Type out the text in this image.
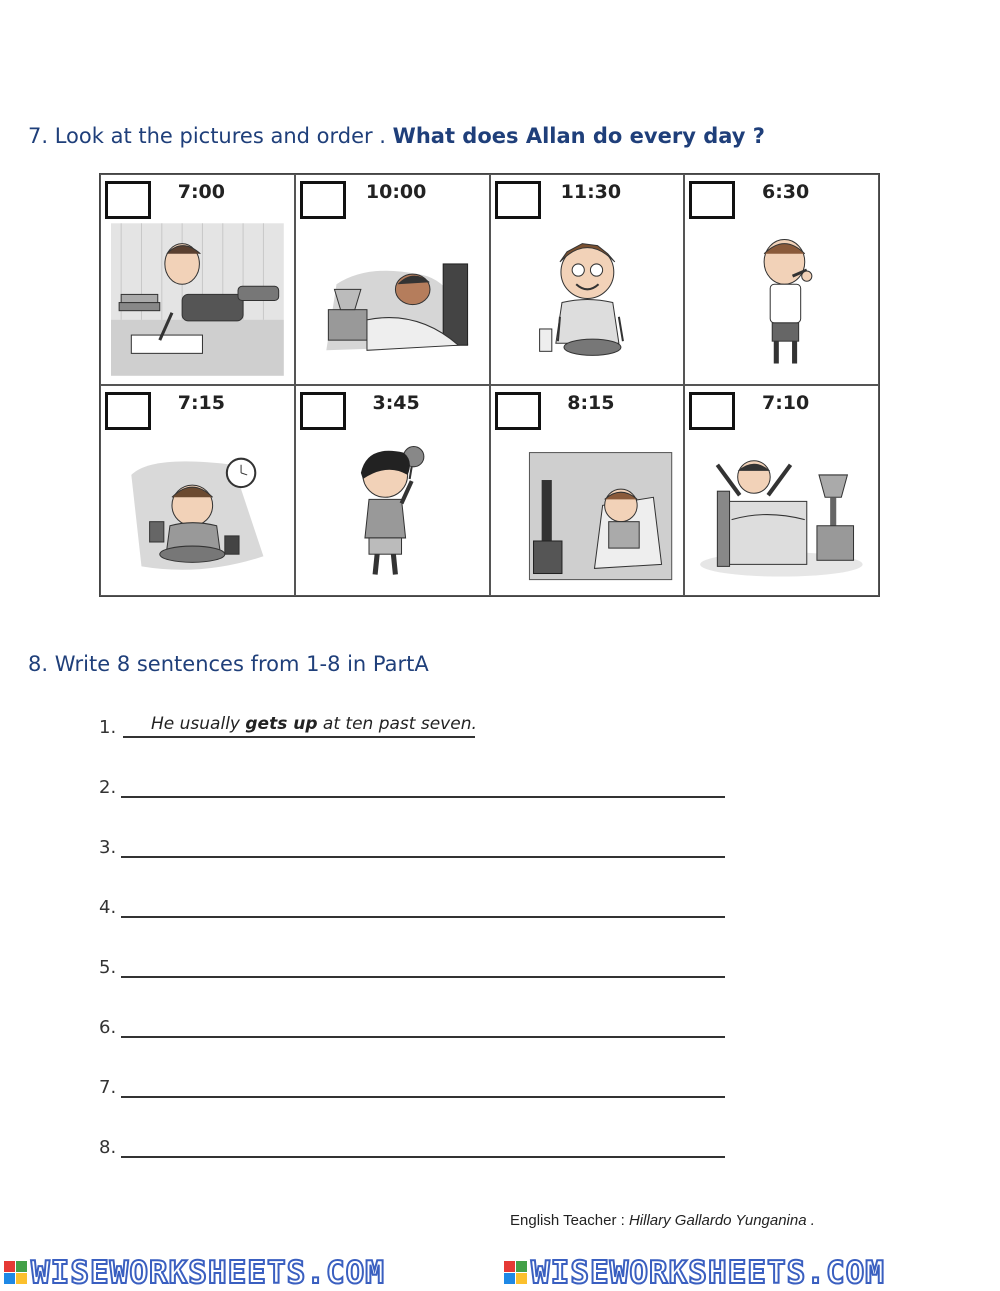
7. Look at the pictures and order . What does Allan do every day ?
7:00	10:00	11:30	6:30
7:15	3:45	8:15	7:10
8. Write 8 sentences from 1-8 in PartA
1. He usually gets up at ten past seven.
2.
3.
4.
5.
6.
7.
8.
English Teacher : Hillary Gallardo Yunganina .
WISEWORKSHEETS.COM	WISEWORKSHEETS.COM
